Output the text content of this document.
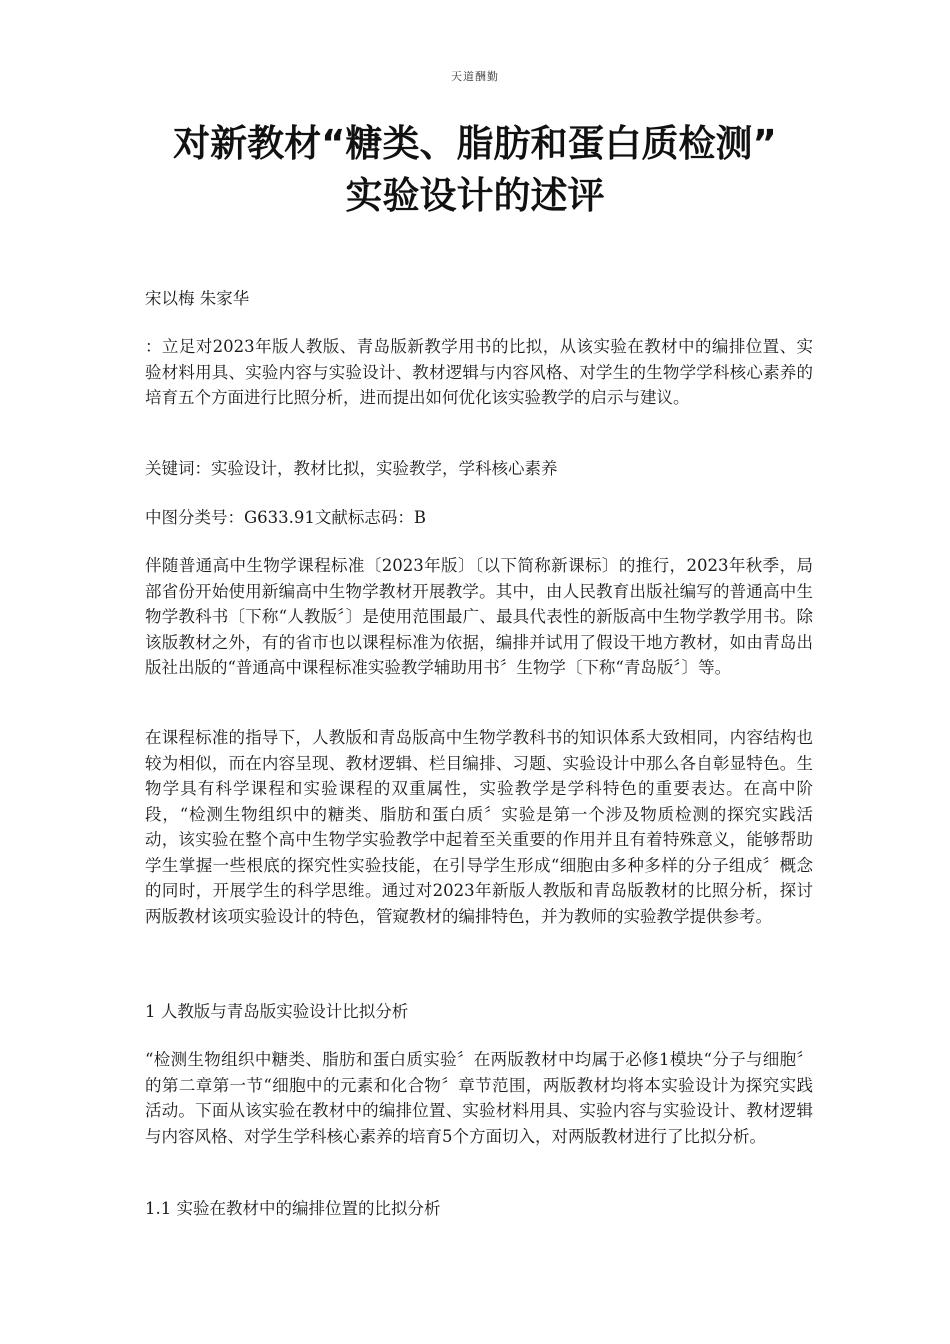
天道酬勤
对新教材“糖类、脂肪和蛋白质检测”
实验设计的述评
宋以梅 朱家华
：立足对2023年版人教版、青岛版新教学用书的比拟，从该实验在教材中的编排位置、实验材料用具、实验内容与实验设计、教材逻辑与内容风格、对学生的生物学学科核心素养的培育五个方面进行比照分析，进而提出如何优化该实验教学的启示与建议。
关键词：实验设计，教材比拟，实验教学，学科核心素养
中图分类号：G633.91文献标志码：B
伴随普通高中生物学课程标准〔2023年版〕〔以下简称新课标〕的推行，2023年秋季，局部省份开始使用新编高中生物学教材开展教学。其中，由人民教育出版社编写的普通高中生物学教科书〔下称“人教版〞〕是使用范围最广、最具代表性的新版高中生物学教学用书。除该版教材之外，有的省市也以课程标准为依据，编排并试用了假设干地方教材，如由青岛出版社出版的“普通高中课程标准实验教学辅助用书〞生物学〔下称“青岛版〞〕等。
在课程标准的指导下，人教版和青岛版高中生物学教科书的知识体系大致相同，内容结构也较为相似，而在内容呈现、教材逻辑、栏目编排、习题、实验设计中那么各自彰显特色。生物学具有科学课程和实验课程的双重属性，实验教学是学科特色的重要表达。在高中阶段，“检测生物组织中的糖类、脂肪和蛋白质〞实验是第一个涉及物质检测的探究实践活动，该实验在整个高中生物学实验教学中起着至关重要的作用并且有着特殊意义，能够帮助学生掌握一些根底的探究性实验技能，在引导学生形成“细胞由多种多样的分子组成〞概念的同时，开展学生的科学思维。通过对2023年新版人教版和青岛版教材的比照分析，探讨两版教材该项实验设计的特色，管窥教材的编排特色，并为教师的实验教学提供参考。
1 人教版与青岛版实验设计比拟分析
“检测生物组织中糖类、脂肪和蛋白质实验〞在两版教材中均属于必修1模块“分子与细胞〞的第二章第一节“细胞中的元素和化合物〞章节范围，两版教材均将本实验设计为探究实践活动。下面从该实验在教材中的编排位置、实验材料用具、实验内容与实验设计、教材逻辑与内容风格、对学生学科核心素养的培育5个方面切入，对两版教材进行了比拟分析。
1.1 实验在教材中的编排位置的比拟分析
